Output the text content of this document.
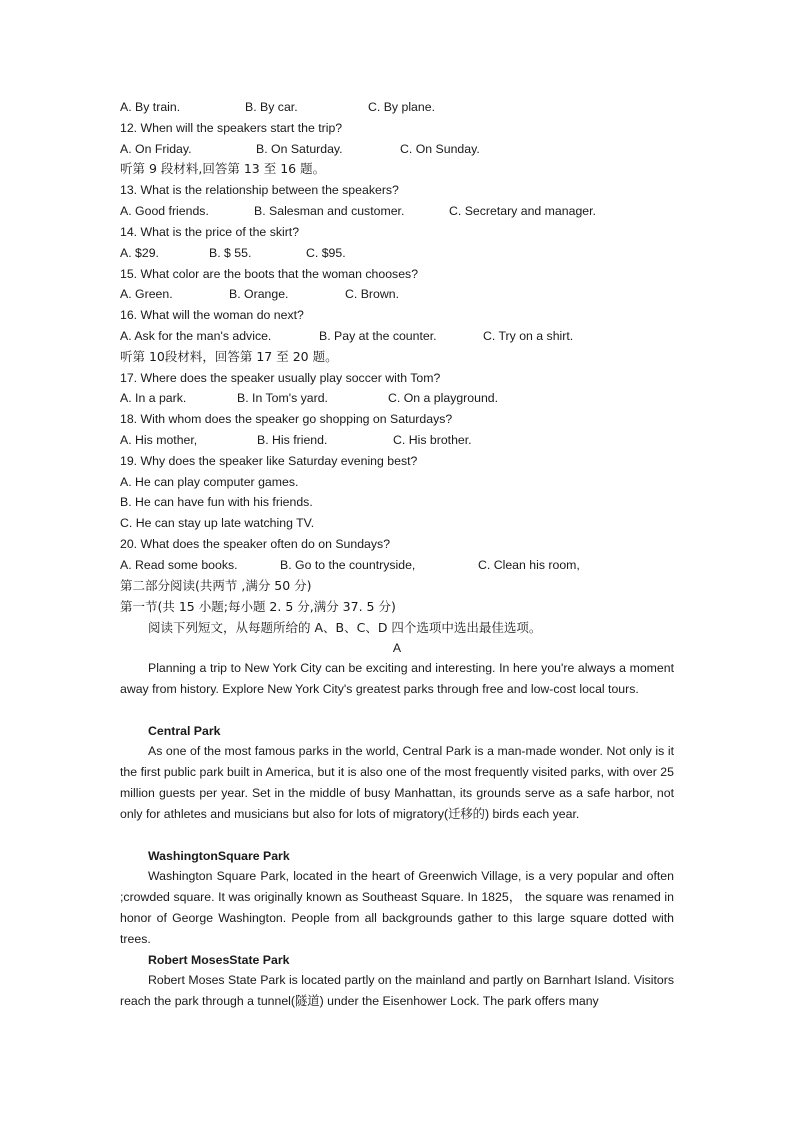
A. By train.	B. By car.	C. By plane.
12. When will the speakers start the trip?
A. On Friday.	B. On Saturday.	C. On Sunday.
听第 9 段材料,回答第 13 至 16 题。
13. What is the relationship between the speakers?
A. Good friends.	B. Salesman and customer.	C. Secretary and manager.
14. What is the price of the skirt?
A. $29.	B. $ 55.	C. $95.
15. What color are the boots that the woman chooses?
A. Green.	B. Orange.	C. Brown.
16. What will the woman do next?
A. Ask for the man's advice.	B. Pay at the counter.	C. Try on a shirt.
听第 10段材料，回答第 17 至 20 题。
17. Where does the speaker usually play soccer with Tom?
A. In a park.	B. In Tom's yard.	C. On a playground.
18. With whom does the speaker go shopping on Saturdays?
A. His mother,	B. His friend.	C. His brother.
19. Why does the speaker like Saturday evening best?
A. He can play computer games.
B. He can have fun with his friends.
C. He can stay up late watching TV.
20. What does the speaker often do on Sundays?
A. Read some books.	B. Go to the countryside,	C. Clean his room,
第二部分阅读(共两节 ,满分 50 分)
第一节(共 15 小题;每小题 2. 5 分,满分 37. 5 分)
阅读下列短文，从每题所给的 A、B、C、D 四个选项中选出最佳选项。
A
Planning a trip to New York City can be exciting and interesting. In here you're always a moment away from history. Explore New York City's greatest parks through free and low-cost local tours.
Central Park
As one of the most famous parks in the world, Central Park is a man-made wonder. Not only is it the first public park built in America, but it is also one of the most frequently visited parks, with over 25 million guests per year. Set in the middle of busy Manhattan, its grounds serve as a safe harbor, not only for athletes and musicians but also for lots of migratory(迁移的) birds each year.
WashingtonSquare Park
Washington Square Park, located in the heart of Greenwich Village, is a very popular and often ;crowded square. It was originally known as Southeast Square. In 1825， the square was renamed in honor of George Washington. People from all backgrounds gather to this large square dotted with trees.
Robert MosesState Park
Robert Moses State Park is located partly on the mainland and partly on Barnhart Island. Visitors reach the park through a tunnel(隧道) under the Eisenhower Lock. The park offers many
